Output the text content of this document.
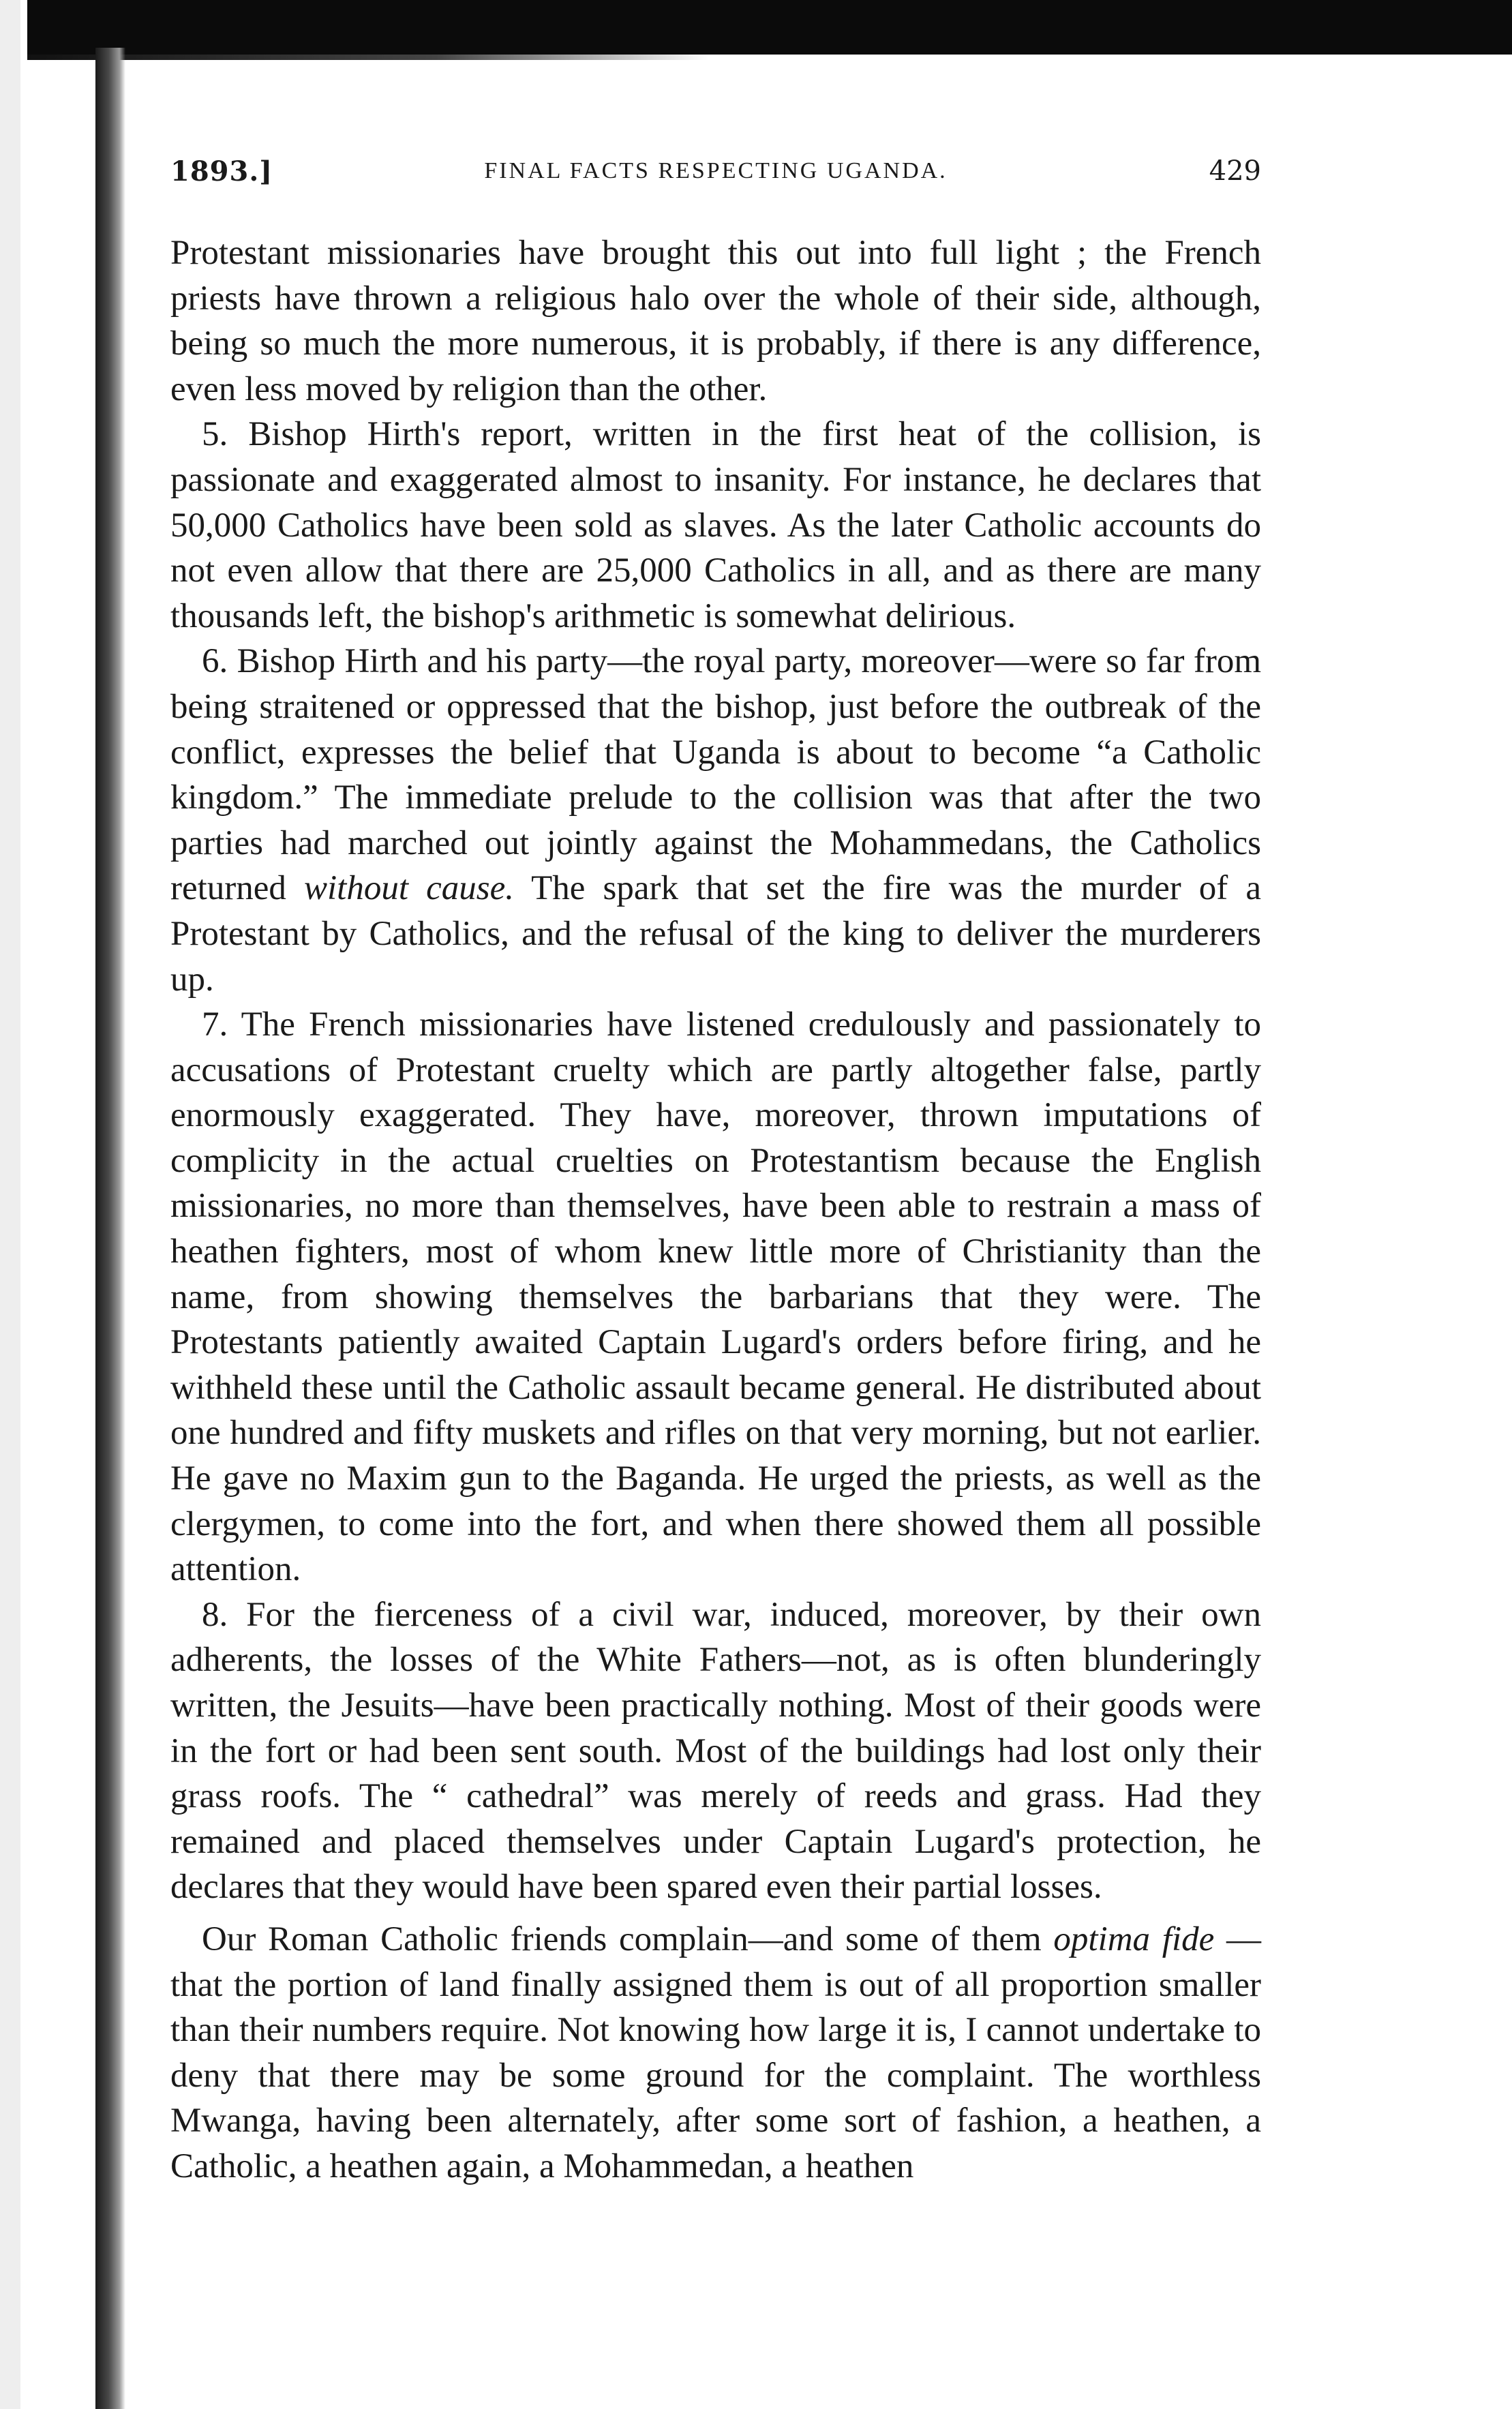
1893.]	FINAL FACTS RESPECTING UGANDA.	429

Protestant missionaries have brought this out into full light ; the French priests have thrown a religious halo over the whole of their side, although, being so much the more numerous, it is probably, if there is any difference, even less moved by religion than the other.

5. Bishop Hirth's report, written in the first heat of the collision, is passionate and exaggerated almost to insanity. For instance, he declares that 50,000 Catholics have been sold as slaves. As the later Catholic accounts do not even allow that there are 25,000 Catholics in all, and as there are many thousands left, the bishop's arithmetic is somewhat delirious.

6. Bishop Hirth and his party—the royal party, moreover—were so far from being straitened or oppressed that the bishop, just before the outbreak of the conflict, expresses the belief that Uganda is about to become “a Catholic kingdom.” The immediate prelude to the collision was that after the two parties had marched out jointly against the Mohammedans, the Catholics returned without cause. The spark that set the fire was the murder of a Protestant by Catholics, and the refusal of the king to deliver the murderers up.

7. The French missionaries have listened credulously and passionately to accusations of Protestant cruelty which are partly altogether false, partly enormously exaggerated. They have, moreover, thrown imputations of complicity in the actual cruelties on Protestantism because the English missionaries, no more than themselves, have been able to restrain a mass of heathen fighters, most of whom knew little more of Christianity than the name, from showing themselves the barbarians that they were. The Protestants patiently awaited Captain Lugard's orders before firing, and he withheld these until the Catholic assault became general. He distributed about one hundred and fifty muskets and rifles on that very morning, but not earlier. He gave no Maxim gun to the Baganda. He urged the priests, as well as the clergymen, to come into the fort, and when there showed them all possible attention.

8. For the fierceness of a civil war, induced, moreover, by their own adherents, the losses of the White Fathers—not, as is often blunderingly written, the Jesuits—have been practically nothing. Most of their goods were in the fort or had been sent south. Most of the buildings had lost only their grass roofs. The “ cathedral” was merely of reeds and grass. Had they remained and placed themselves under Captain Lugard's protection, he declares that they would have been spared even their partial losses.

Our Roman Catholic friends complain—and some of them optima fide —that the portion of land finally assigned them is out of all proportion smaller than their numbers require. Not knowing how large it is, I cannot undertake to deny that there may be some ground for the complaint. The worthless Mwanga, having been alternately, after some sort of fashion, a heathen, a Catholic, a heathen again, a Mohammedan, a heathen
